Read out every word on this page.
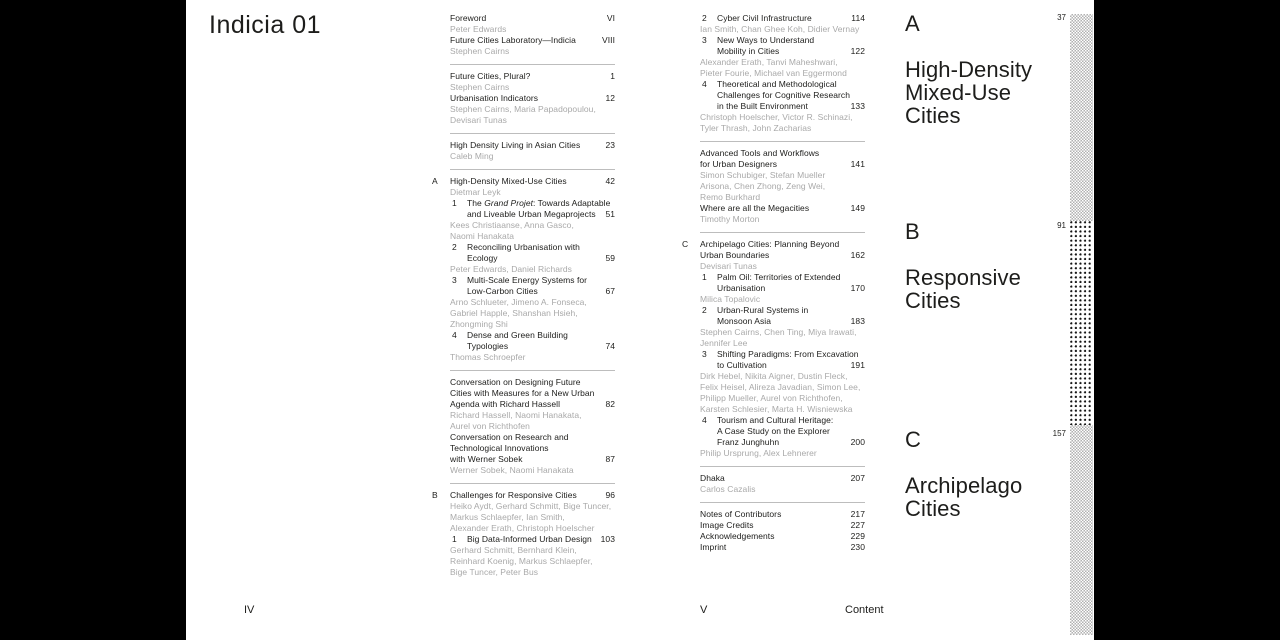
Indicia 01	Foreword	VI
Peter Edwards
Future Cities Laboratory—Indicia	VIII
Stephen Cairns
Future Cities, Plural?	1
Stephen Cairns
Urbanisation Indicators	12
Stephen Cairns, Maria Papadopoulou,
Devisari Tunas
High Density Living in Asian Cities	23
Caleb Ming
A High-Density Mixed-Use Cities	42
Dietmar Leyk
1 The Grand Projet: Towards Adaptable
and Liveable Urban Megaprojects 51
Kees Christiaanse, Anna Gasco,
Naomi Hanakata
2 Reconciling Urbanisation with
Ecology	59
Peter Edwards, Daniel Richards
3 Multi-Scale Energy Systems for
Low-Carbon Cities	67
Arno Schlueter, Jimeno A. Fonseca,
Gabriel Happle, Shanshan Hsieh,
Zhongming Shi
4 Dense and Green Building
Typologies	74
Thomas Schroepfer
Conversation on Designing Future
Cities with Measures for a New Urban
Agenda with Richard Hassell	82
Richard Hassell, Naomi Hanakata,
Aurel von Richthofen
Conversation on Research and
Technological Innovations
with Werner Sobek	87
Werner Sobek, Naomi Hanakata
B Challenges for Responsive Cities	96
Heiko Aydt, Gerhard Schmitt, Bige Tuncer,
Markus Schlaepfer, Ian Smith,
Alexander Erath, Christoph Hoelscher
1 Big Data-Informed Urban Design 103
Gerhard Schmitt, Bernhard Klein,
Reinhard Koenig, Markus Schlaepfer,
Bige Tuncer, Peter Bus
2 Cyber Civil Infrastructure	114
Ian Smith, Chan Ghee Koh, Didier Vernay
3 New Ways to Understand
Mobility in Cities	122
Alexander Erath, Tanvi Maheshwari,
Pieter Fourie, Michael van Eggermond
4 Theoretical and Methodological
Challenges for Cognitive Research
in the Built Environment	133
Christoph Hoelscher, Victor R. Schinazi,
Tyler Thrash, John Zacharias
Advanced Tools and Workflows
for Urban Designers	141
Simon Schubiger, Stefan Mueller
Arisona, Chen Zhong, Zeng Wei,
Remo Burkhard
Where are all the Megacities	149
Timothy Morton
C Archipelago Cities: Planning Beyond
Urban Boundaries	162
Devisari Tunas
1 Palm Oil: Territories of Extended
Urbanisation	170
Milica Topalovic
2 Urban-Rural Systems in
Monsoon Asia	183
Stephen Cairns, Chen Ting, Miya Irawati,
Jennifer Lee
3 Shifting Paradigms: From Excavation
to Cultivation	191
Dirk Hebel, Nikita Aigner, Dustin Fleck,
Felix Heisel, Alireza Javadian, Simon Lee,
Philipp Mueller, Aurel von Richthofen,
Karsten Schlesier, Marta H. Wisniewska
4 Tourism and Cultural Heritage:
A Case Study on the Explorer
Franz Junghuhn	200
Philip Ursprung, Alex Lehnerer
Dhaka	207
Carlos Cazalis
Notes of Contributors	217
Image Credits	227
Acknowledgements	229
Imprint	230
37
A
High-Density
Mixed-Use
Cities
91
B
Responsive
Cities
157
C
Archipelago
Cities
IV	V	Content
